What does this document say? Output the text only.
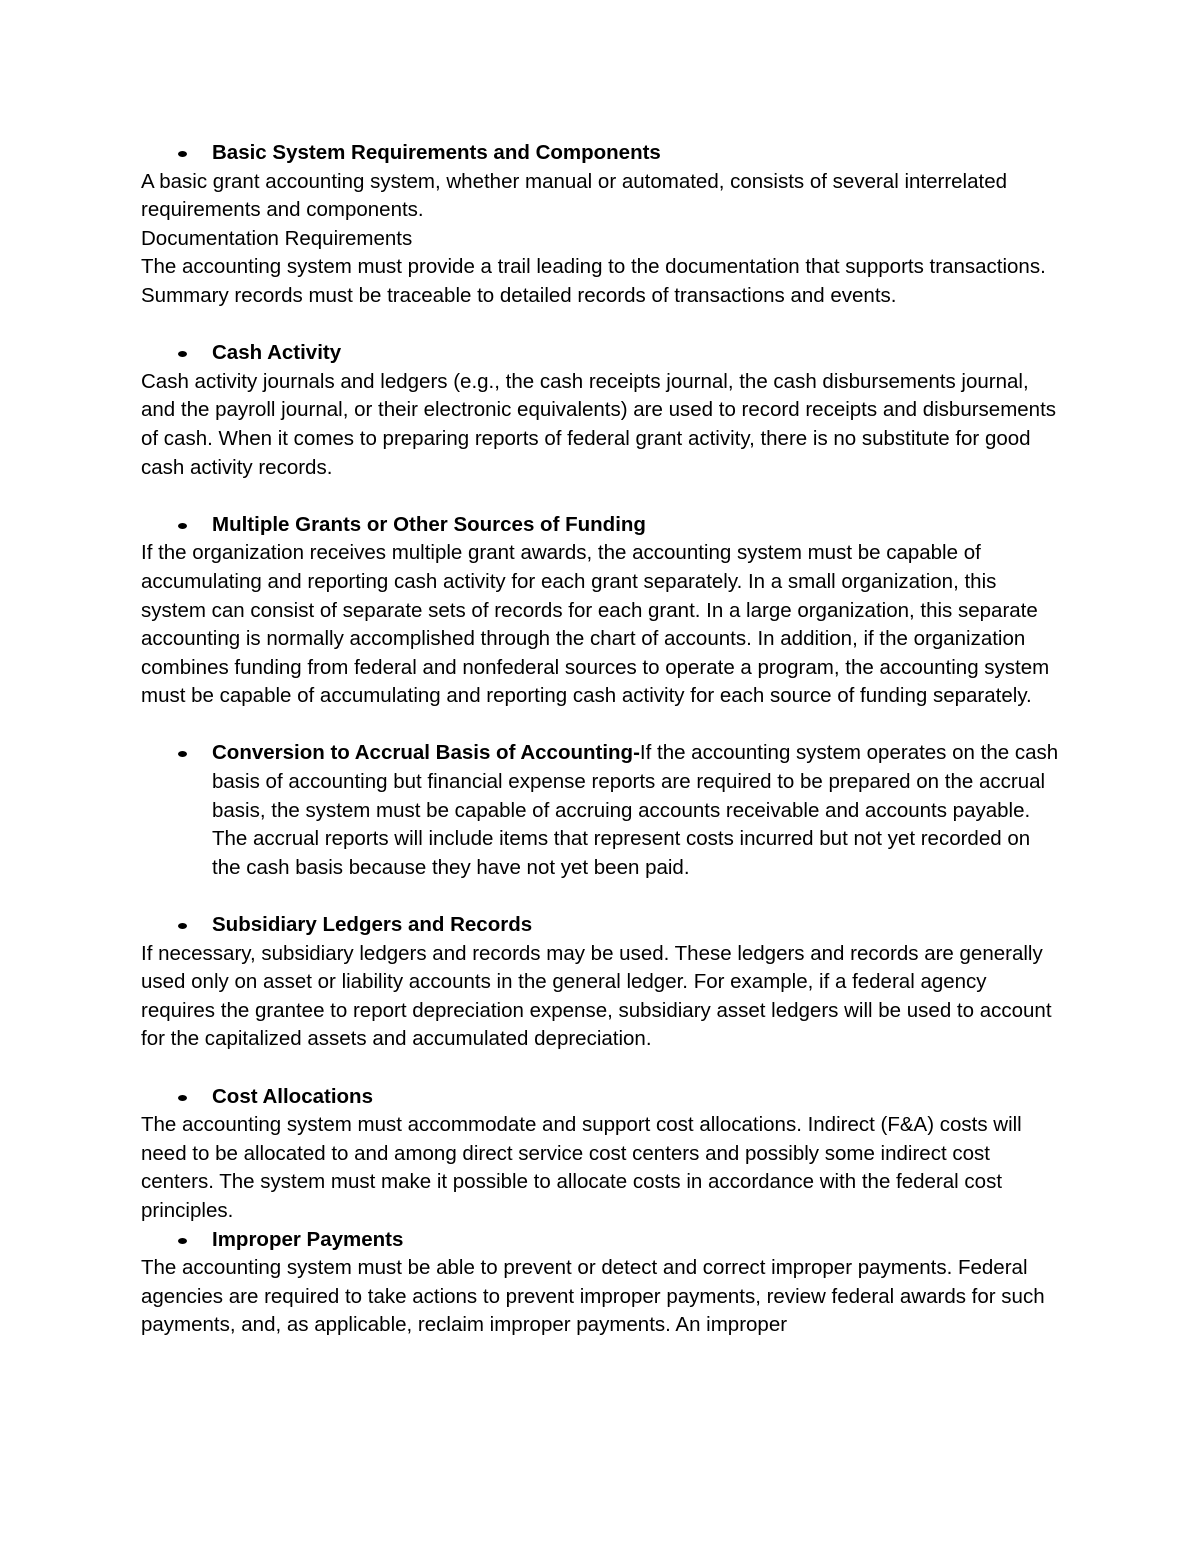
Basic System Requirements and Components

A basic grant accounting system, whether manual or automated, consists of several interrelated requirements and components.

Documentation Requirements

The accounting system must provide a trail leading to the documentation that supports transactions. Summary records must be traceable to detailed records of transactions and events.

Cash Activity

Cash activity journals and ledgers (e.g., the cash receipts journal, the cash disbursements journal, and the payroll journal, or their electronic equivalents) are used to record receipts and disbursements of cash. When it comes to preparing reports of federal grant activity, there is no substitute for good cash activity records.

Multiple Grants or Other Sources of Funding

If the organization receives multiple grant awards, the accounting system must be capable of accumulating and reporting cash activity for each grant separately. In a small organization, this system can consist of separate sets of records for each grant. In a large organization, this separate accounting is normally accomplished through the chart of accounts. In addition, if the organization combines funding from federal and nonfederal sources to operate a program, the accounting system must be capable of accumulating and reporting cash activity for each source of funding separately.

Conversion to Accrual Basis of Accounting-If the accounting system operates on the cash basis of accounting but financial expense reports are required to be prepared on the accrual basis, the system must be capable of accruing accounts receivable and accounts payable. The accrual reports will include items that represent costs incurred but not yet recorded on the cash basis because they have not yet been paid.

Subsidiary Ledgers and Records

If necessary, subsidiary ledgers and records may be used. These ledgers and records are generally used only on asset or liability accounts in the general ledger. For example, if a federal agency requires the grantee to report depreciation expense, subsidiary asset ledgers will be used to account for the capitalized assets and accumulated depreciation.

Cost Allocations

The accounting system must accommodate and support cost allocations. Indirect (F&A) costs will need to be allocated to and among direct service cost centers and possibly some indirect cost centers. The system must make it possible to allocate costs in accordance with the federal cost principles.

Improper Payments

The accounting system must be able to prevent or detect and correct improper payments. Federal agencies are required to take actions to prevent improper payments, review federal awards for such payments, and, as applicable, reclaim improper payments. An improper
